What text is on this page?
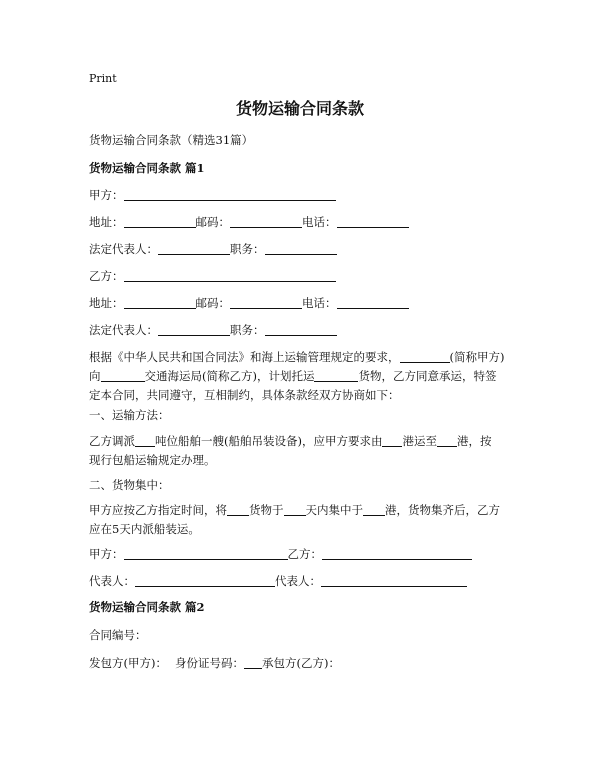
Print
货物运输合同条款
货物运输合同条款（精选31篇）
货物运输合同条款 篇1
甲方：
地址：	邮码：	电话：
法定代表人：	职务：
乙方：
地址：	邮码：	电话：
法定代表人：	职务：
根据《中华人民共和国合同法》和海上运输管理规定的要求，	(简称甲方)
向	交通海运局(简称乙方)，计划托运	货物，乙方同意承运，特签
定本合同，共同遵守，互相制约，具体条款经双方协商如下：
一、运输方法：
乙方调派 吨位船舶一艘(船舶吊装设备)，应甲方要求由 港运至 港，按
现行包船运输规定办理。
二、货物集中：
甲方应按乙方指定时间，将 货物于 天内集中于 港，货物集齐后，乙方
应在5天内派船装运。
甲方：	乙方：
代表人：	代表人：
货物运输合同条款 篇2
合同编号：
发包方(甲方)： 身份证号码： 承包方(乙方)：
